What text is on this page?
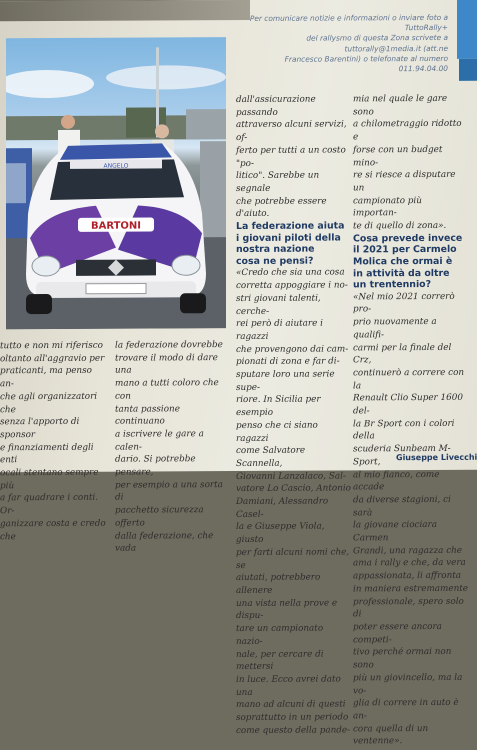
Per comunicare notizie e informazioni o inviare foto a TuttoRally+
del rallysmo di questa Zona scrivete a tuttorally@1media.it (att.ne
Francesco Barentini) o telefonate al numero 011.94.04.00
BARTONI
ANGELO

dall'assicurazione passando

attraverso alcuni servizi, of-

ferto per tutti a un costo "po-

litico". Sarebbe un segnale

che potrebbe essere d'aiuto.

La federazione aiuta

i giovani piloti della

nostra nazione

cosa ne pensi?

«Credo che sia una cosa

corretta appoggiare i no-

stri giovani talenti, cerche-

rei però di aiutare i ragazzi

che provengono dai cam-

pionati di zona e far di-

sputare loro una serie supe-

riore. In Sicilia per esempio

penso che ci siano ragazzi

come Salvatore Scannella,

Giovanni Lanzalaco, Sal-

vatore Lo Cascio, Antonio

Damiani, Alessandro Casel-

la e Giuseppe Viola, giusto

per farti alcuni nomi che, se

aiutati, potrebbero allenere

una vista nella prove e dispu-

tare un campionato nazio-

nale, per cercare di mettersi

in luce. Ecco avrei dato una

mano ad alcuni di questi

soprattutto in un periodo

come questo della pande-

mia nel quale le gare sono

a chilometraggio ridotto e

forse con un budget mino-

re si riesce a disputare un

campionato più importan-

te di quello di zona».

Cosa prevede invece

il 2021 per Carmelo

Molica che ormai è

in attività da oltre

un trentennio?

«Nel mio 2021 correrò pro-

prio nuovamente a qualifi-

carmi per la finale del Crz,

continuerò a correre con la

Renault Clio Super 1600 del-

la Br Sport con i colori della

scuderia Sunbeam M-Sport,

al mio fianco, come accade

da diverse stagioni, ci sarà

la giovane ciociara Carmen

Grandi, una ragazza che

ama i rally e che, da vera

appassionata, li affronta

in maniera estremamente

professionale, spero solo di

poter essere ancora competi-

tivo perché ormai non sono

più un giovincello, ma la vo-

glia di correre in auto è an-

cora quella di un ventenne».

tutto e non mi riferisco

oltanto all'aggravio per

praticanti, ma penso an-

che agli organizzatori che

senza l'apporto di sponsor

e finanziamenti degli enti

ocali stentano sempre più

a far quadrare i conti. Or-

ganizzare costa e credo che

la federazione dovrebbe

trovare il modo di dare una

mano a tutti coloro che con

tanta passione continuano

a iscrivere le gare a calen-

dario. Si potrebbe pensare,

per esempio a una sorta di

pacchetto sicurezza offerto

dalla federazione, che vada

Giuseppe Livecchi
